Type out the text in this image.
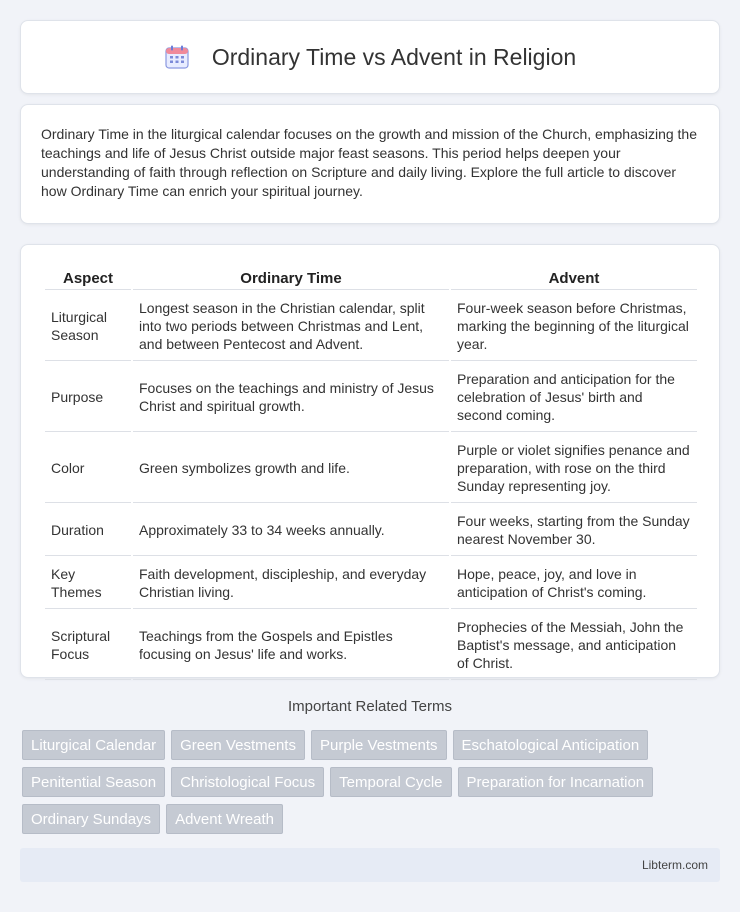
Ordinary Time vs Advent in Religion

Ordinary Time in the liturgical calendar focuses on the growth and mission of the Church, emphasizing the teachings and life of Jesus Christ outside major feast seasons. This period helps deepen your understanding of faith through reflection on Scripture and daily living. Explore the full article to discover how Ordinary Time can enrich your spiritual journey.

Aspect	Ordinary Time	Advent
Liturgical Season	Longest season in the Christian calendar, split into two periods between Christmas and Lent, and between Pentecost and Advent.	Four-week season before Christmas, marking the beginning of the liturgical year.
Purpose	Focuses on the teachings and ministry of Jesus Christ and spiritual growth.	Preparation and anticipation for the celebration of Jesus' birth and second coming.
Color	Green symbolizes growth and life.	Purple or violet signifies penance and preparation, with rose on the third Sunday representing joy.
Duration	Approximately 33 to 34 weeks annually.	Four weeks, starting from the Sunday nearest November 30.
Key Themes	Faith development, discipleship, and everyday Christian living.	Hope, peace, joy, and love in anticipation of Christ's coming.
Scriptural Focus	Teachings from the Gospels and Epistles focusing on Jesus' life and works.	Prophecies of the Messiah, John the Baptist's message, and anticipation of Christ.
Important Related Terms
Liturgical Calendar	Green Vestments	Purple Vestments	Eschatological Anticipation
Penitential Season	Christological Focus	Temporal Cycle	Preparation for Incarnation
Ordinary Sundays	Advent Wreath
Libterm.com
